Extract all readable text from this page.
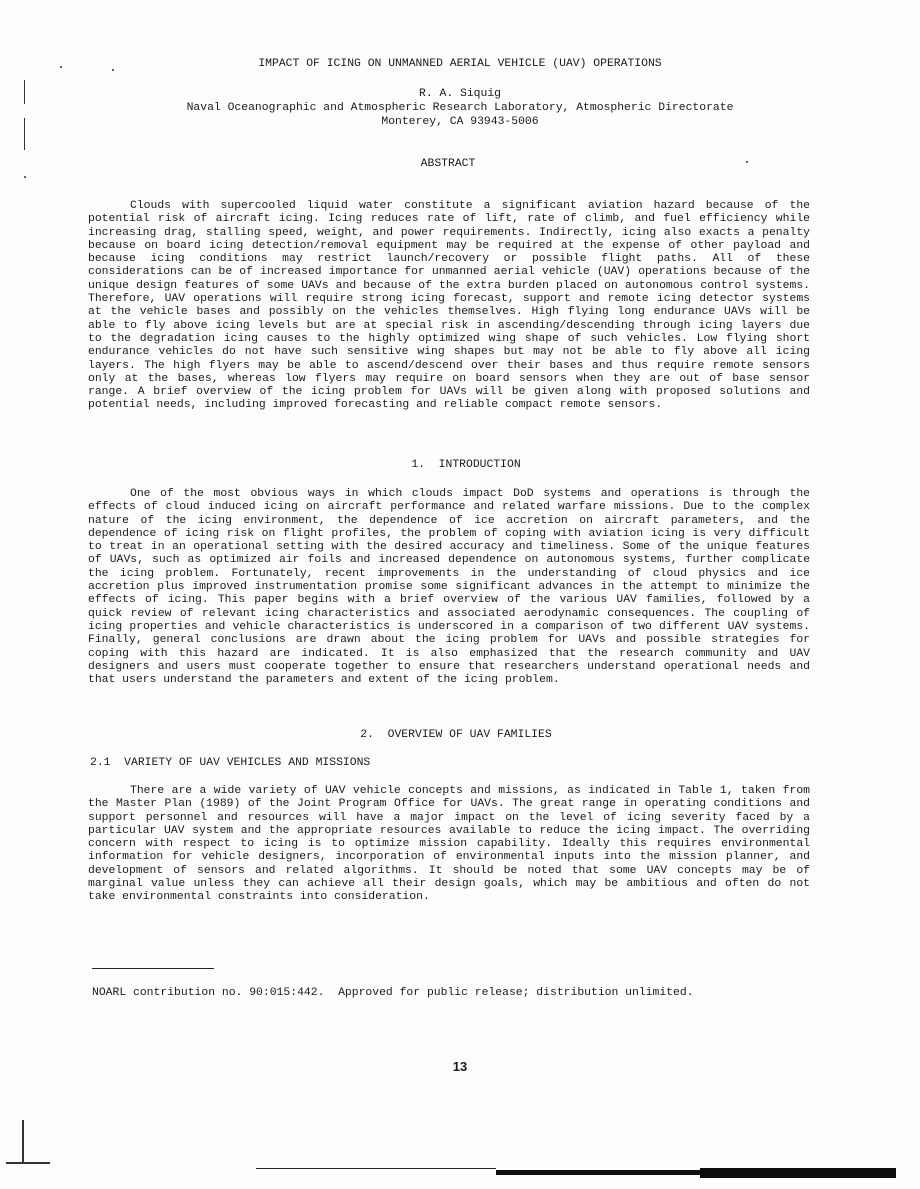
IMPACT OF ICING ON UNMANNED AERIAL VEHICLE (UAV) OPERATIONS
R. A. Siquig
Naval Oceanographic and Atmospheric Research Laboratory, Atmospheric Directorate
Monterey, CA 93943-5006
ABSTRACT

Clouds with supercooled liquid water constitute a significant aviation hazard because of the potential risk of aircraft icing. Icing reduces rate of lift, rate of climb, and fuel efficiency while increasing drag, stalling speed, weight, and power requirements. Indirectly, icing also exacts a penalty because on board icing detection/removal equipment may be required at the expense of other payload and because icing conditions may restrict launch/recovery or possible flight paths. All of these considerations can be of increased importance for unmanned aerial vehicle (UAV) operations because of the unique design features of some UAVs and because of the extra burden placed on autonomous control systems. Therefore, UAV operations will require strong icing forecast, support and remote icing detector systems at the vehicle bases and possibly on the vehicles themselves. High flying long endurance UAVs will be able to fly above icing levels but are at special risk in ascending/descending through icing layers due to the degradation icing causes to the highly optimized wing shape of such vehicles. Low flying short endurance vehicles do not have such sensitive wing shapes but may not be able to fly above all icing layers. The high flyers may be able to ascend/descend over their bases and thus require remote sensors only at the bases, whereas low flyers may require on board sensors when they are out of base sensor range. A brief overview of the icing problem for UAVs will be given along with proposed solutions and potential needs, including improved forecasting and reliable compact remote sensors.

1.  INTRODUCTION

One of the most obvious ways in which clouds impact DoD systems and operations is through the effects of cloud induced icing on aircraft performance and related warfare missions. Due to the complex nature of the icing environment, the dependence of ice accretion on aircraft parameters, and the dependence of icing risk on flight profiles, the problem of coping with aviation icing is very difficult to treat in an operational setting with the desired accuracy and timeliness. Some of the unique features of UAVs, such as optimized air foils and increased dependence on autonomous systems, further complicate the icing problem. Fortunately, recent improvements in the understanding of cloud physics and ice accretion plus improved instrumentation promise some significant advances in the attempt to minimize the effects of icing. This paper begins with a brief overview of the various UAV families, followed by a quick review of relevant icing characteristics and associated aerodynamic consequences. The coupling of icing properties and vehicle characteristics is underscored in a comparison of two different UAV systems. Finally, general conclusions are drawn about the icing problem for UAVs and possible strategies for coping with this hazard are indicated. It is also emphasized that the research community and UAV designers and users must cooperate together to ensure that researchers understand operational needs and that users understand the parameters and extent of the icing problem.

2.  OVERVIEW OF UAV FAMILIES
2.1  VARIETY OF UAV VEHICLES AND MISSIONS

There are a wide variety of UAV vehicle concepts and missions, as indicated in Table 1, taken from the Master Plan (1989) of the Joint Program Office for UAVs. The great range in operating conditions and support personnel and resources will have a major impact on the level of icing severity faced by a particular UAV system and the appropriate resources available to reduce the icing impact. The overriding concern with respect to icing is to optimize mission capability. Ideally this requires environmental information for vehicle designers, incorporation of environmental inputs into the mission planner, and development of sensors and related algorithms. It should be noted that some UAV concepts may be of marginal value unless they can achieve all their design goals, which may be ambitious and often do not take environmental constraints into consideration.

NOARL contribution no. 90:015:442.  Approved for public release; distribution unlimited.
13
